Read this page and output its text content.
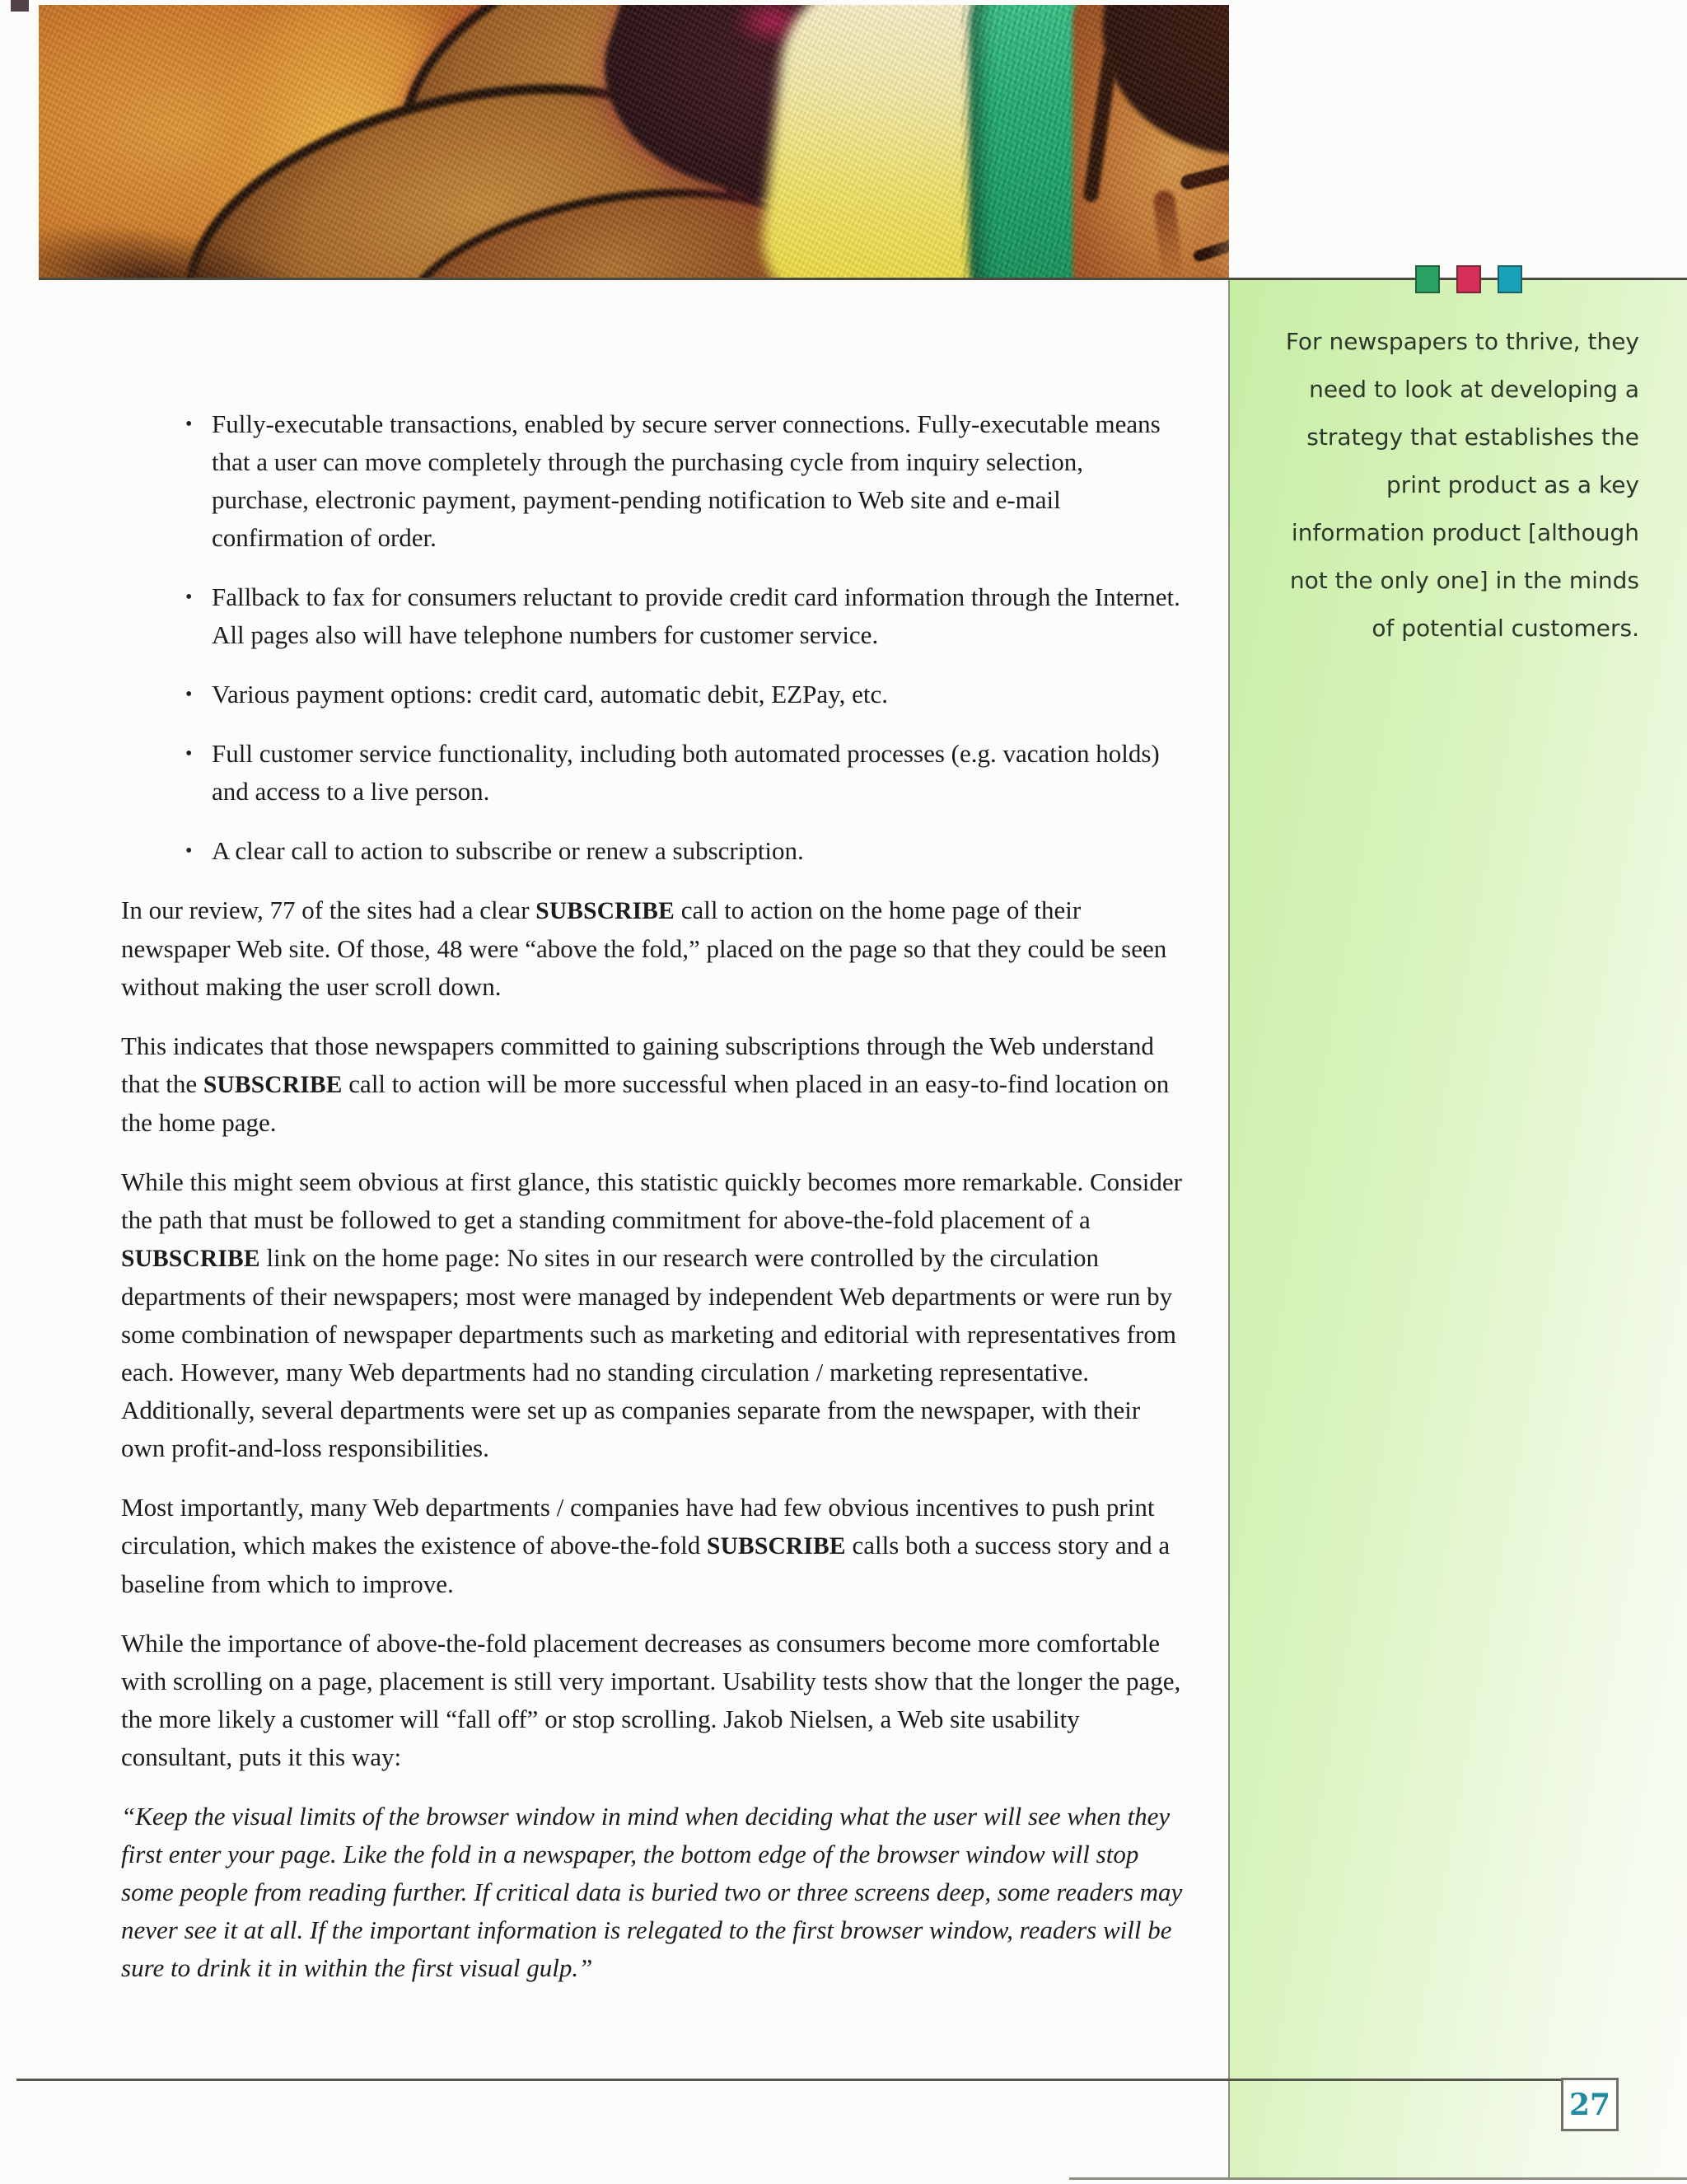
For newspapers to thrive, they
need to look at developing a
strategy that establishes the
print product as a key
information product [although
not the only one] in the minds
of potential customers.
• Fully-executable transactions, enabled by secure server connections. Fully-executable means that a user can move completely through the purchasing cycle from inquiry selection, purchase, electronic payment, payment-pending notification to Web site and e-mail confirmation of order.
• Fallback to fax for consumers reluctant to provide credit card information through the Internet. All pages also will have telephone numbers for customer service.
• Various payment options: credit card, automatic debit, EZPay, etc.
• Full customer service functionality, including both automated processes (e.g. vacation holds) and access to a live person.
• A clear call to action to subscribe or renew a subscription.
In our review, 77 of the sites had a clear SUBSCRIBE call to action on the home page of their newspaper Web site. Of those, 48 were “above the fold,” placed on the page so that they could be seen without making the user scroll down.
This indicates that those newspapers committed to gaining subscriptions through the Web understand that the SUBSCRIBE call to action will be more successful when placed in an easy-to-find location on the home page.
While this might seem obvious at first glance, this statistic quickly becomes more remarkable. Consider the path that must be followed to get a standing commitment for above-the-fold placement of a SUBSCRIBE link on the home page: No sites in our research were controlled by the circulation departments of their newspapers; most were managed by independent Web departments or were run by some combination of newspaper departments such as marketing and editorial with representatives from each. However, many Web departments had no standing circulation / marketing representative. Additionally, several departments were set up as companies separate from the newspaper, with their own profit-and-loss responsibilities.
Most importantly, many Web departments / companies have had few obvious incentives to push print circulation, which makes the existence of above-the-fold SUBSCRIBE calls both a success story and a baseline from which to improve.
While the importance of above-the-fold placement decreases as consumers become more comfortable with scrolling on a page, placement is still very important. Usability tests show that the longer the page, the more likely a customer will “fall off” or stop scrolling. Jakob Nielsen, a Web site usability consultant, puts it this way:
“Keep the visual limits of the browser window in mind when deciding what the user will see when they first enter your page. Like the fold in a newspaper, the bottom edge of the browser window will stop some people from reading further. If critical data is buried two or three screens deep, some readers may never see it at all. If the important information is relegated to the first browser window, readers will be sure to drink it in within the first visual gulp.”
27
